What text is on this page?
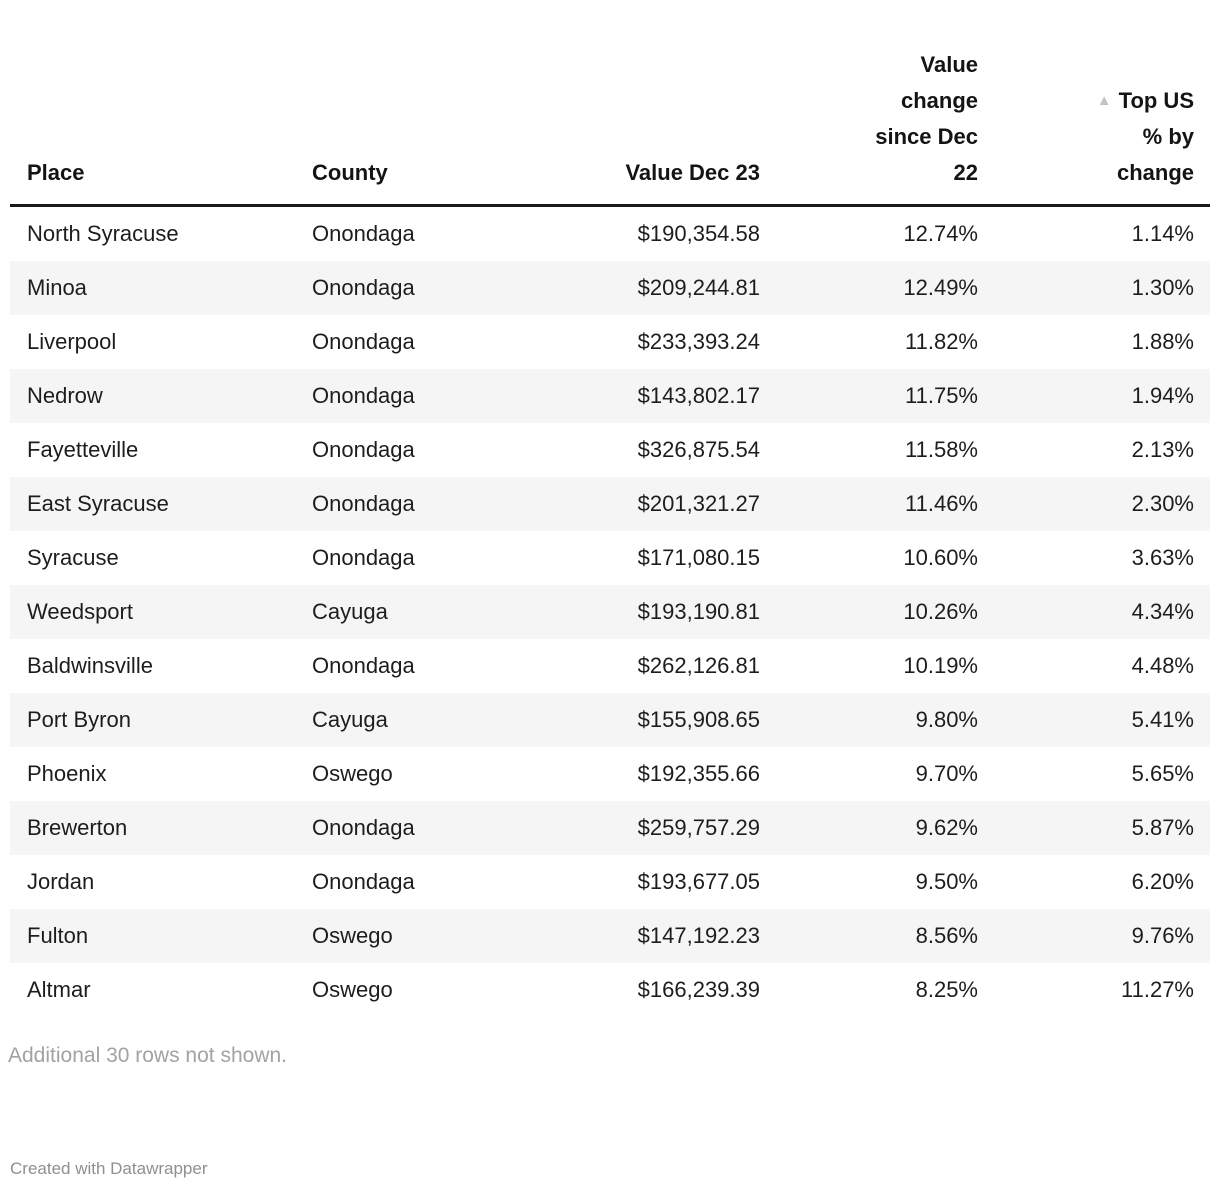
Place	County	Value Dec 23	Value
change
since Dec
22	▲ Top US
% by
change
North Syracuse	Onondaga	$190,354.58	12.74%	1.14%
Minoa	Onondaga	$209,244.81	12.49%	1.30%
Liverpool	Onondaga	$233,393.24	11.82%	1.88%
Nedrow	Onondaga	$143,802.17	11.75%	1.94%
Fayetteville	Onondaga	$326,875.54	11.58%	2.13%
East Syracuse	Onondaga	$201,321.27	11.46%	2.30%
Syracuse	Onondaga	$171,080.15	10.60%	3.63%
Weedsport	Cayuga	$193,190.81	10.26%	4.34%
Baldwinsville	Onondaga	$262,126.81	10.19%	4.48%
Port Byron	Cayuga	$155,908.65	9.80%	5.41%
Phoenix	Oswego	$192,355.66	9.70%	5.65%
Brewerton	Onondaga	$259,757.29	9.62%	5.87%
Jordan	Onondaga	$193,677.05	9.50%	6.20%
Fulton	Oswego	$147,192.23	8.56%	9.76%
Altmar	Oswego	$166,239.39	8.25%	11.27%
Additional 30 rows not shown.
Created with Datawrapper
